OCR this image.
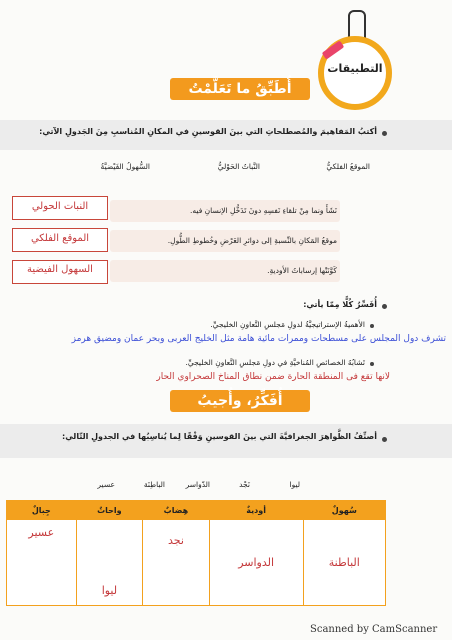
التطبيقات
أُطَبِّقُ ما تَعَلَّمْتُ
أكتبُ المَفاهيمَ والمُصطلحاتِ التي بينَ القوسينِ في المكانِ المُناسبِ مِنَ الجَدولِ الآتي:
الموقعُ الفلكيُّ
النَّباتُ الحَوْليُّ
السُّهولُ الفَيْضيَّةُ
نَشَأَ ونما مِنْ تلقاءِ نَفسِهِ دونَ تَدَخُّلِ الإنسانِ فيه.
النبات الحولي
موقعُ المَكانِ بالنِّسبةِ إلى دوائرِ العَرْضِ وخُطوطِ الطُّولِ.
الموقع الفلكي
كَوَّنَتْها إرساباتُ الأوديةِ.
السهول الفيضية
أُفَسِّرُ كُلًّا مِمّا يأتي:
الأهميةُ الإستراتيجيَّةُ لدولِ مَجلسِ التَّعاونِ الخليجيِّ.
تشرف دول المجلس على مسطحات وممرات مائية هامة مثل الخليج العربى وبحر عمان ومضيق هرمز
تَشابُهُ الخصائصِ المُناخيَّةِ في دولِ مَجلسِ التَّعاونِ الخليجيِّ.
لانها تقع فى المنطقة الحارة ضمن نطاق المناخ الصحراوي الحار
أُفَكِّرُ، وأُجيبُ
أصنِّفُ الظَّواهرَ الجغرافيَّةَ التي بينَ القوسينِ وَفْقًا لِما يُناسِبُها في الجدولِ التّالي:
ليوا
نَجْد
الدّواسر
الباطِنَة
عسير
سُهولٌ	أوديةٌ	هِضابٌ	واحاتٌ	جِبالٌ

الباطنة	الدواسر	نجد	ليوا	عسير
Scanned by CamScanner
